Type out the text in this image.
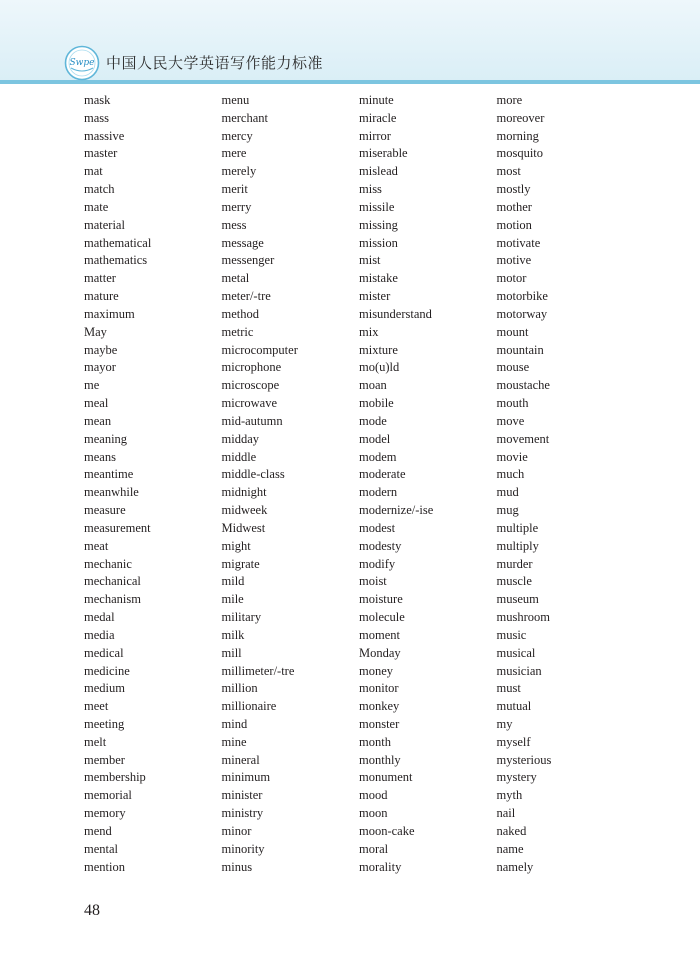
Swpe 中国人民大学英语写作能力标准
mask
mass
massive
master
mat
match
mate
material
mathematical
mathematics
matter
mature
maximum
May
maybe
mayor
me
meal
mean
meaning
means
meantime
meanwhile
measure
measurement
meat
mechanic
mechanical
mechanism
medal
media
medical
medicine
medium
meet
meeting
melt
member
membership
memorial
memory
mend
mental
mention
menu
merchant
mercy
mere
merely
merit
merry
mess
message
messenger
metal
meter/-tre
method
metric
microcomputer
microphone
microscope
microwave
mid-autumn
midday
middle
middle-class
midnight
midweek
Midwest
might
migrate
mild
mile
military
milk
mill
millimeter/-tre
million
millionaire
mind
mine
mineral
minimum
minister
ministry
minor
minority
minus
minute
miracle
mirror
miserable
mislead
miss
missile
missing
mission
mist
mistake
mister
misunderstand
mix
mixture
mo(u)ld
moan
mobile
mode
model
modem
moderate
modern
modernize/-ise
modest
modesty
modify
moist
moisture
molecule
moment
Monday
money
monitor
monkey
monster
month
monthly
monument
mood
moon
moon-cake
moral
morality
more
moreover
morning
mosquito
most
mostly
mother
motion
motivate
motive
motor
motorbike
motorway
mount
mountain
mouse
moustache
mouth
move
movement
movie
much
mud
mug
multiple
multiply
murder
muscle
museum
mushroom
music
musical
musician
must
mutual
my
myself
mysterious
mystery
myth
nail
naked
name
namely
48
